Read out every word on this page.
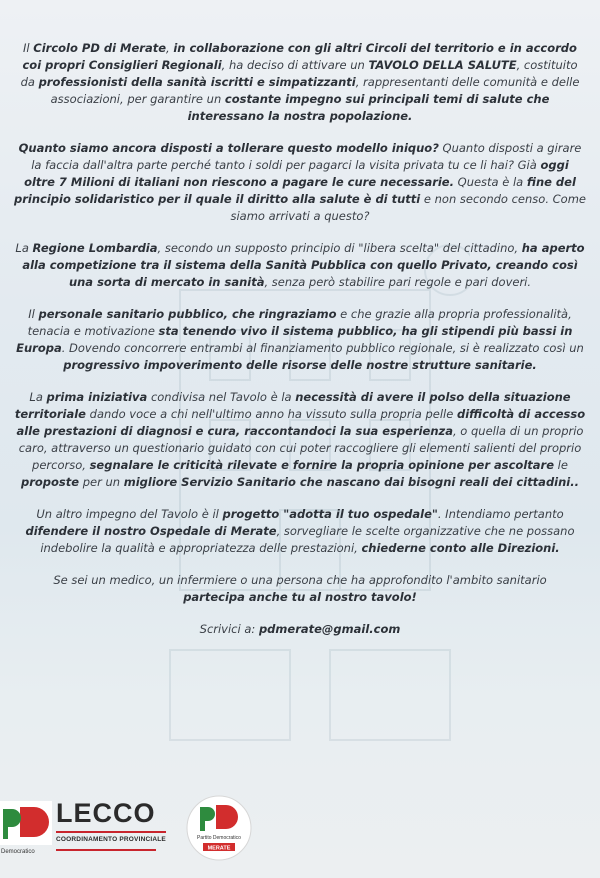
Il Circolo PD di Merate, in collaborazione con gli altri Circoli del territorio e in accordo coi propri Consiglieri Regionali, ha deciso di attivare un TAVOLO DELLA SALUTE, costituito da professionisti della sanità iscritti e simpatizzanti, rappresentanti delle comunità e delle associazioni, per garantire un costante impegno sui principali temi di salute che interessano la nostra popolazione.

Quanto siamo ancora disposti a tollerare questo modello iniquo? Quanto disposti a girare la faccia dall'altra parte perché tanto i soldi per pagarci la visita privata tu ce li hai? Già oggi oltre 7 Milioni di italiani non riescono a pagare le cure necessarie. Questa è la fine del principio solidaristico per il quale il diritto alla salute è di tutti e non secondo censo. Come siamo arrivati a questo?

La Regione Lombardia, secondo un supposto principio di "libera scelta" del cittadino, ha aperto alla competizione tra il sistema della Sanità Pubblica con quello Privato, creando così una sorta di mercato in sanità, senza però stabilire pari regole e pari doveri.

Il personale sanitario pubblico, che ringraziamo e che grazie alla propria professionalità, tenacia e motivazione sta tenendo vivo il sistema pubblico, ha gli stipendi più bassi in Europa. Dovendo concorrere entrambi al finanziamento pubblico regionale, si è realizzato così un progressivo impoverimento delle risorse delle nostre strutture sanitarie.

La prima iniziativa condivisa nel Tavolo è la necessità di avere il polso della situazione territoriale dando voce a chi nell'ultimo anno ha vissuto sulla propria pelle difficoltà di accesso alle prestazioni di diagnosi e cura, raccontandoci la sua esperienza, o quella di un proprio caro, attraverso un questionario guidato con cui poter raccogliere gli elementi salienti del proprio percorso, segnalare le criticità rilevate e fornire la propria opinione per ascoltare le proposte per un migliore Servizio Sanitario che nascano dai bisogni reali dei cittadini..

Un altro impegno del Tavolo è il progetto "adotta il tuo ospedale". Intendiamo pertanto difendere il nostro Ospedale di Merate, sorvegliare le scelte organizzative che ne possano indebolire la qualità e appropriatezza delle prestazioni, chiederne conto alle Direzioni.

Se sei un medico, un infermiere o una persona che ha approfondito l'ambito sanitario
partecipa anche tu al nostro tavolo!

Scrivici a: pdmerate@gmail.com

Democratico
LECCO
COORDINAMENTO PROVINCIALE	Partito Democratico
MERATE
